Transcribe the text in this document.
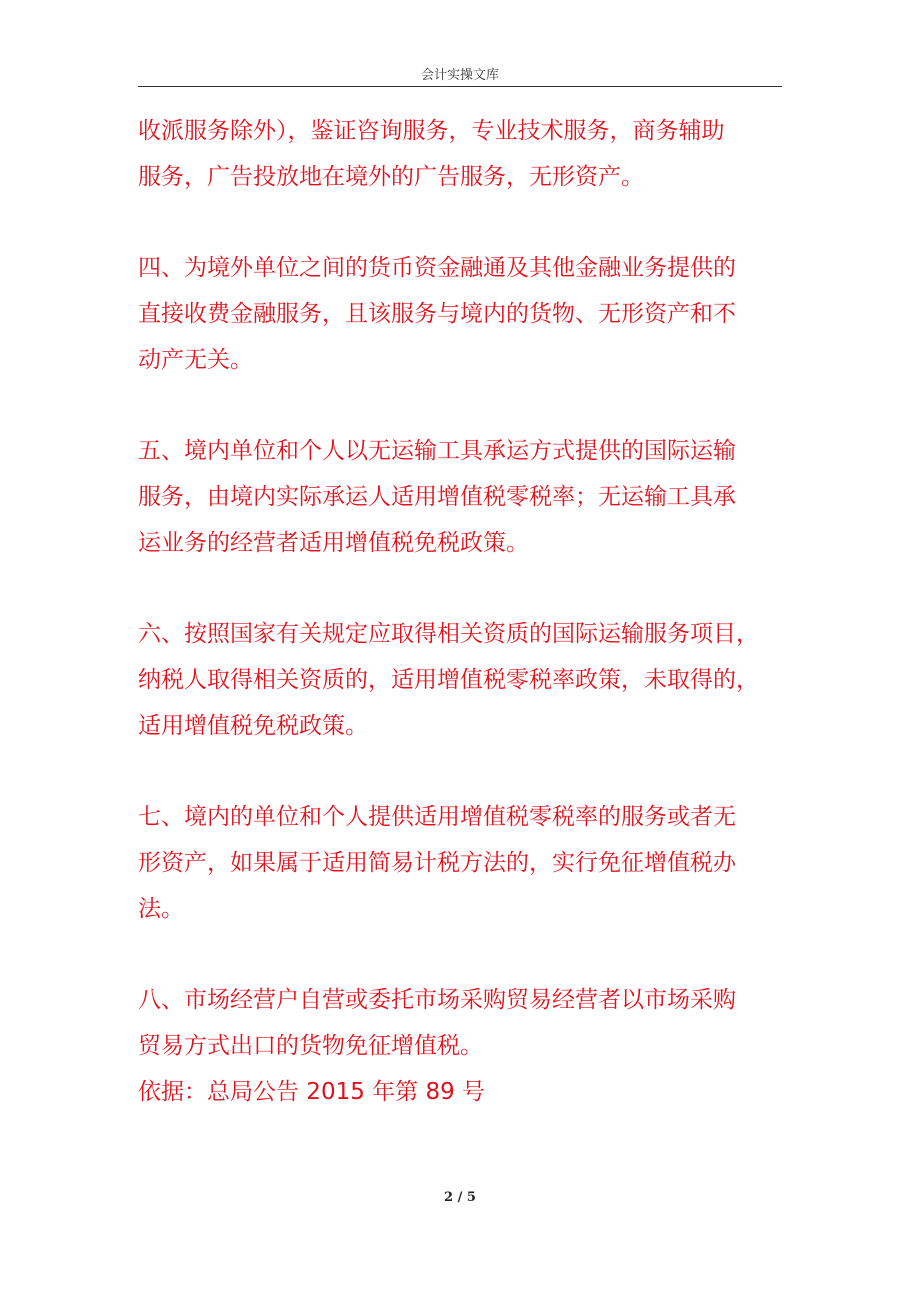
会计实操文库

收派服务除外），鉴证咨询服务，专业技术服务，商务辅助
服务，广告投放地在境外的广告服务，无形资产。

四、为境外单位之间的货币资金融通及其他金融业务提供的
直接收费金融服务，且该服务与境内的货物、无形资产和不
动产无关。

五、境内单位和个人以无运输工具承运方式提供的国际运输
服务，由境内实际承运人适用增值税零税率；无运输工具承
运业务的经营者适用增值税免税政策。

六、按照国家有关规定应取得相关资质的国际运输服务项目，
纳税人取得相关资质的，适用增值税零税率政策，未取得的，
适用增值税免税政策。

七、境内的单位和个人提供适用增值税零税率的服务或者无
形资产，如果属于适用简易计税方法的，实行免征增值税办
法。

八、市场经营户自营或委托市场采购贸易经营者以市场采购
贸易方式出口的货物免征增值税。

依据：总局公告 2015 年第 89 号

2 / 5
